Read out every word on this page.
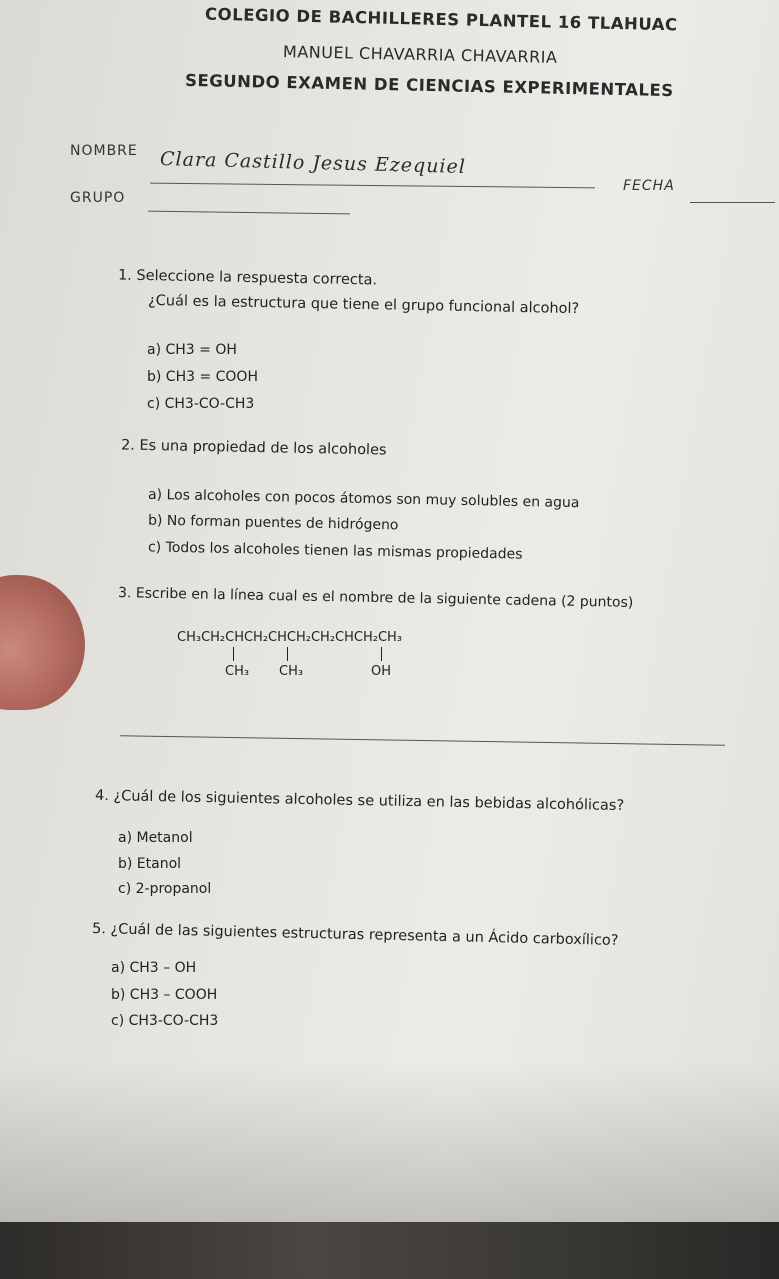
COLEGIO DE BACHILLERES PLANTEL 16 TLAHUAC
MANUEL CHAVARRIA CHAVARRIA
SEGUNDO EXAMEN DE CIENCIAS EXPERIMENTALES
NOMBRE Clara Castillo Jesus Ezequiel
FECHA
GRUPO
1. Seleccione la respuesta correcta.
¿Cuál es la estructura que tiene el grupo funcional alcohol?
a) CH3 = OH
b) CH3 = COOH
c) CH3-CO-CH3
2. Es una propiedad de los alcoholes
a) Los alcoholes con pocos átomos son muy solubles en agua
b) No forman puentes de hidrógeno
c) Todos los alcoholes tienen las mismas propiedades
3. Escribe en la línea cual es el nombre de la siguiente cadena (2 puntos)
CH₃CH₂CHCH₂CHCH₂CH₂CHCH₂CH₃
CH₃ CH₃	OH
4. ¿Cuál de los siguientes alcoholes se utiliza en las bebidas alcohólicas?
a) Metanol
b) Etanol
c) 2-propanol
5. ¿Cuál de las siguientes estructuras representa a un Ácido carboxílico?
a) CH3 – OH
b) CH3 – COOH
c) CH3-CO-CH3
